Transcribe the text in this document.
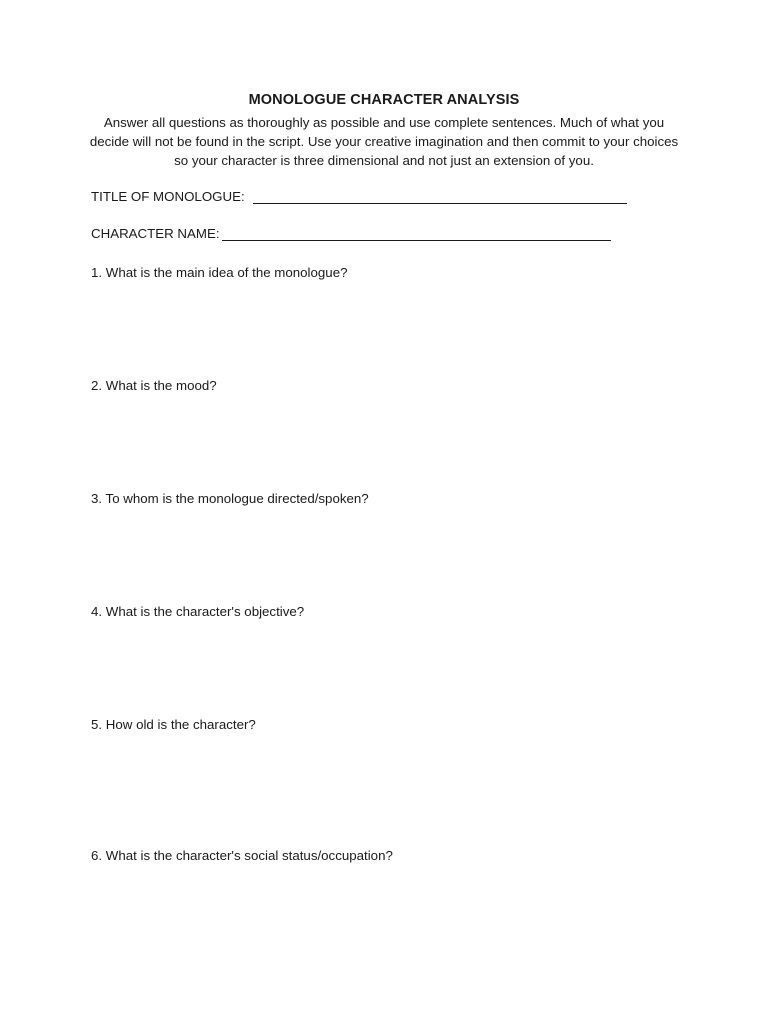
MONOLOGUE CHARACTER ANALYSIS
Answer all questions as thoroughly as possible and use complete sentences. Much of what you decide will not be found in the script. Use your creative imagination and then commit to your choices so your character is three dimensional and not just an extension of you.
TITLE OF MONOLOGUE:
CHARACTER NAME:
1. What is the main idea of the monologue?
2. What is the mood?
3. To whom is the monologue directed/spoken?
4. What is the character's objective?
5. How old is the character?
6. What is the character's social status/occupation?
